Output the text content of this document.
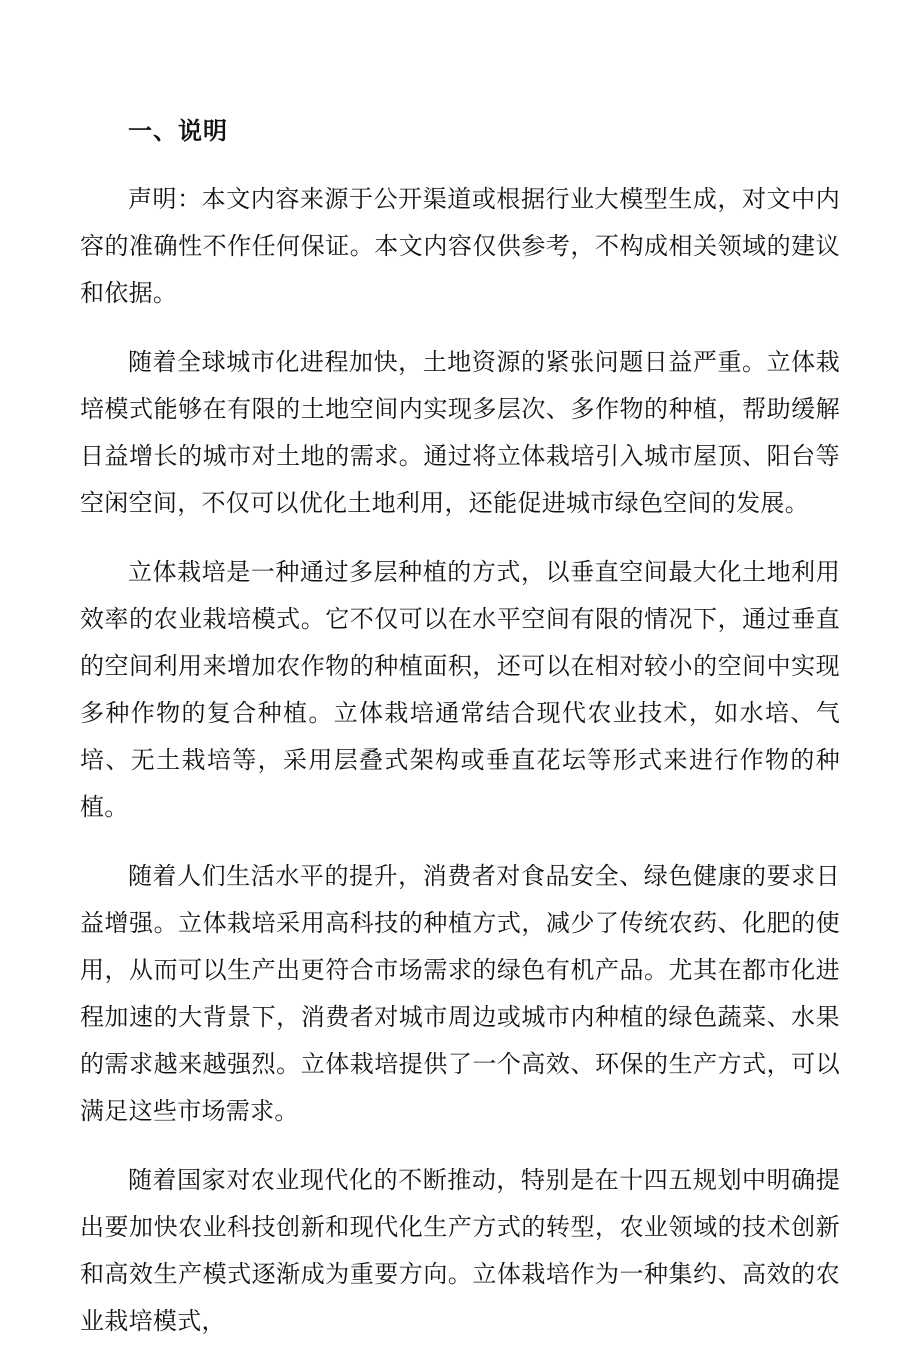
一、说明

声明：本文内容来源于公开渠道或根据行业大模型生成，对文中内容的准确性不作任何保证。本文内容仅供参考，不构成相关领域的建议和依据。

随着全球城市化进程加快，土地资源的紧张问题日益严重。立体栽培模式能够在有限的土地空间内实现多层次、多作物的种植，帮助缓解日益增长的城市对土地的需求。通过将立体栽培引入城市屋顶、阳台等空闲空间，不仅可以优化土地利用，还能促进城市绿色空间的发展。

立体栽培是一种通过多层种植的方式，以垂直空间最大化土地利用效率的农业栽培模式。它不仅可以在水平空间有限的情况下，通过垂直的空间利用来增加农作物的种植面积，还可以在相对较小的空间中实现多种作物的复合种植。立体栽培通常结合现代农业技术，如水培、气培、无土栽培等，采用层叠式架构或垂直花坛等形式来进行作物的种植。

随着人们生活水平的提升，消费者对食品安全、绿色健康的要求日益增强。立体栽培采用高科技的种植方式，减少了传统农药、化肥的使用，从而可以生产出更符合市场需求的绿色有机产品。尤其在都市化进程加速的大背景下，消费者对城市周边或城市内种植的绿色蔬菜、水果的需求越来越强烈。立体栽培提供了一个高效、环保的生产方式，可以满足这些市场需求。

随着国家对农业现代化的不断推动，特别是在十四五规划中明确提出要加快农业科技创新和现代化生产方式的转型，农业领域的技术创新和高效生产模式逐渐成为重要方向。立体栽培作为一种集约、高效的农业栽培模式，
